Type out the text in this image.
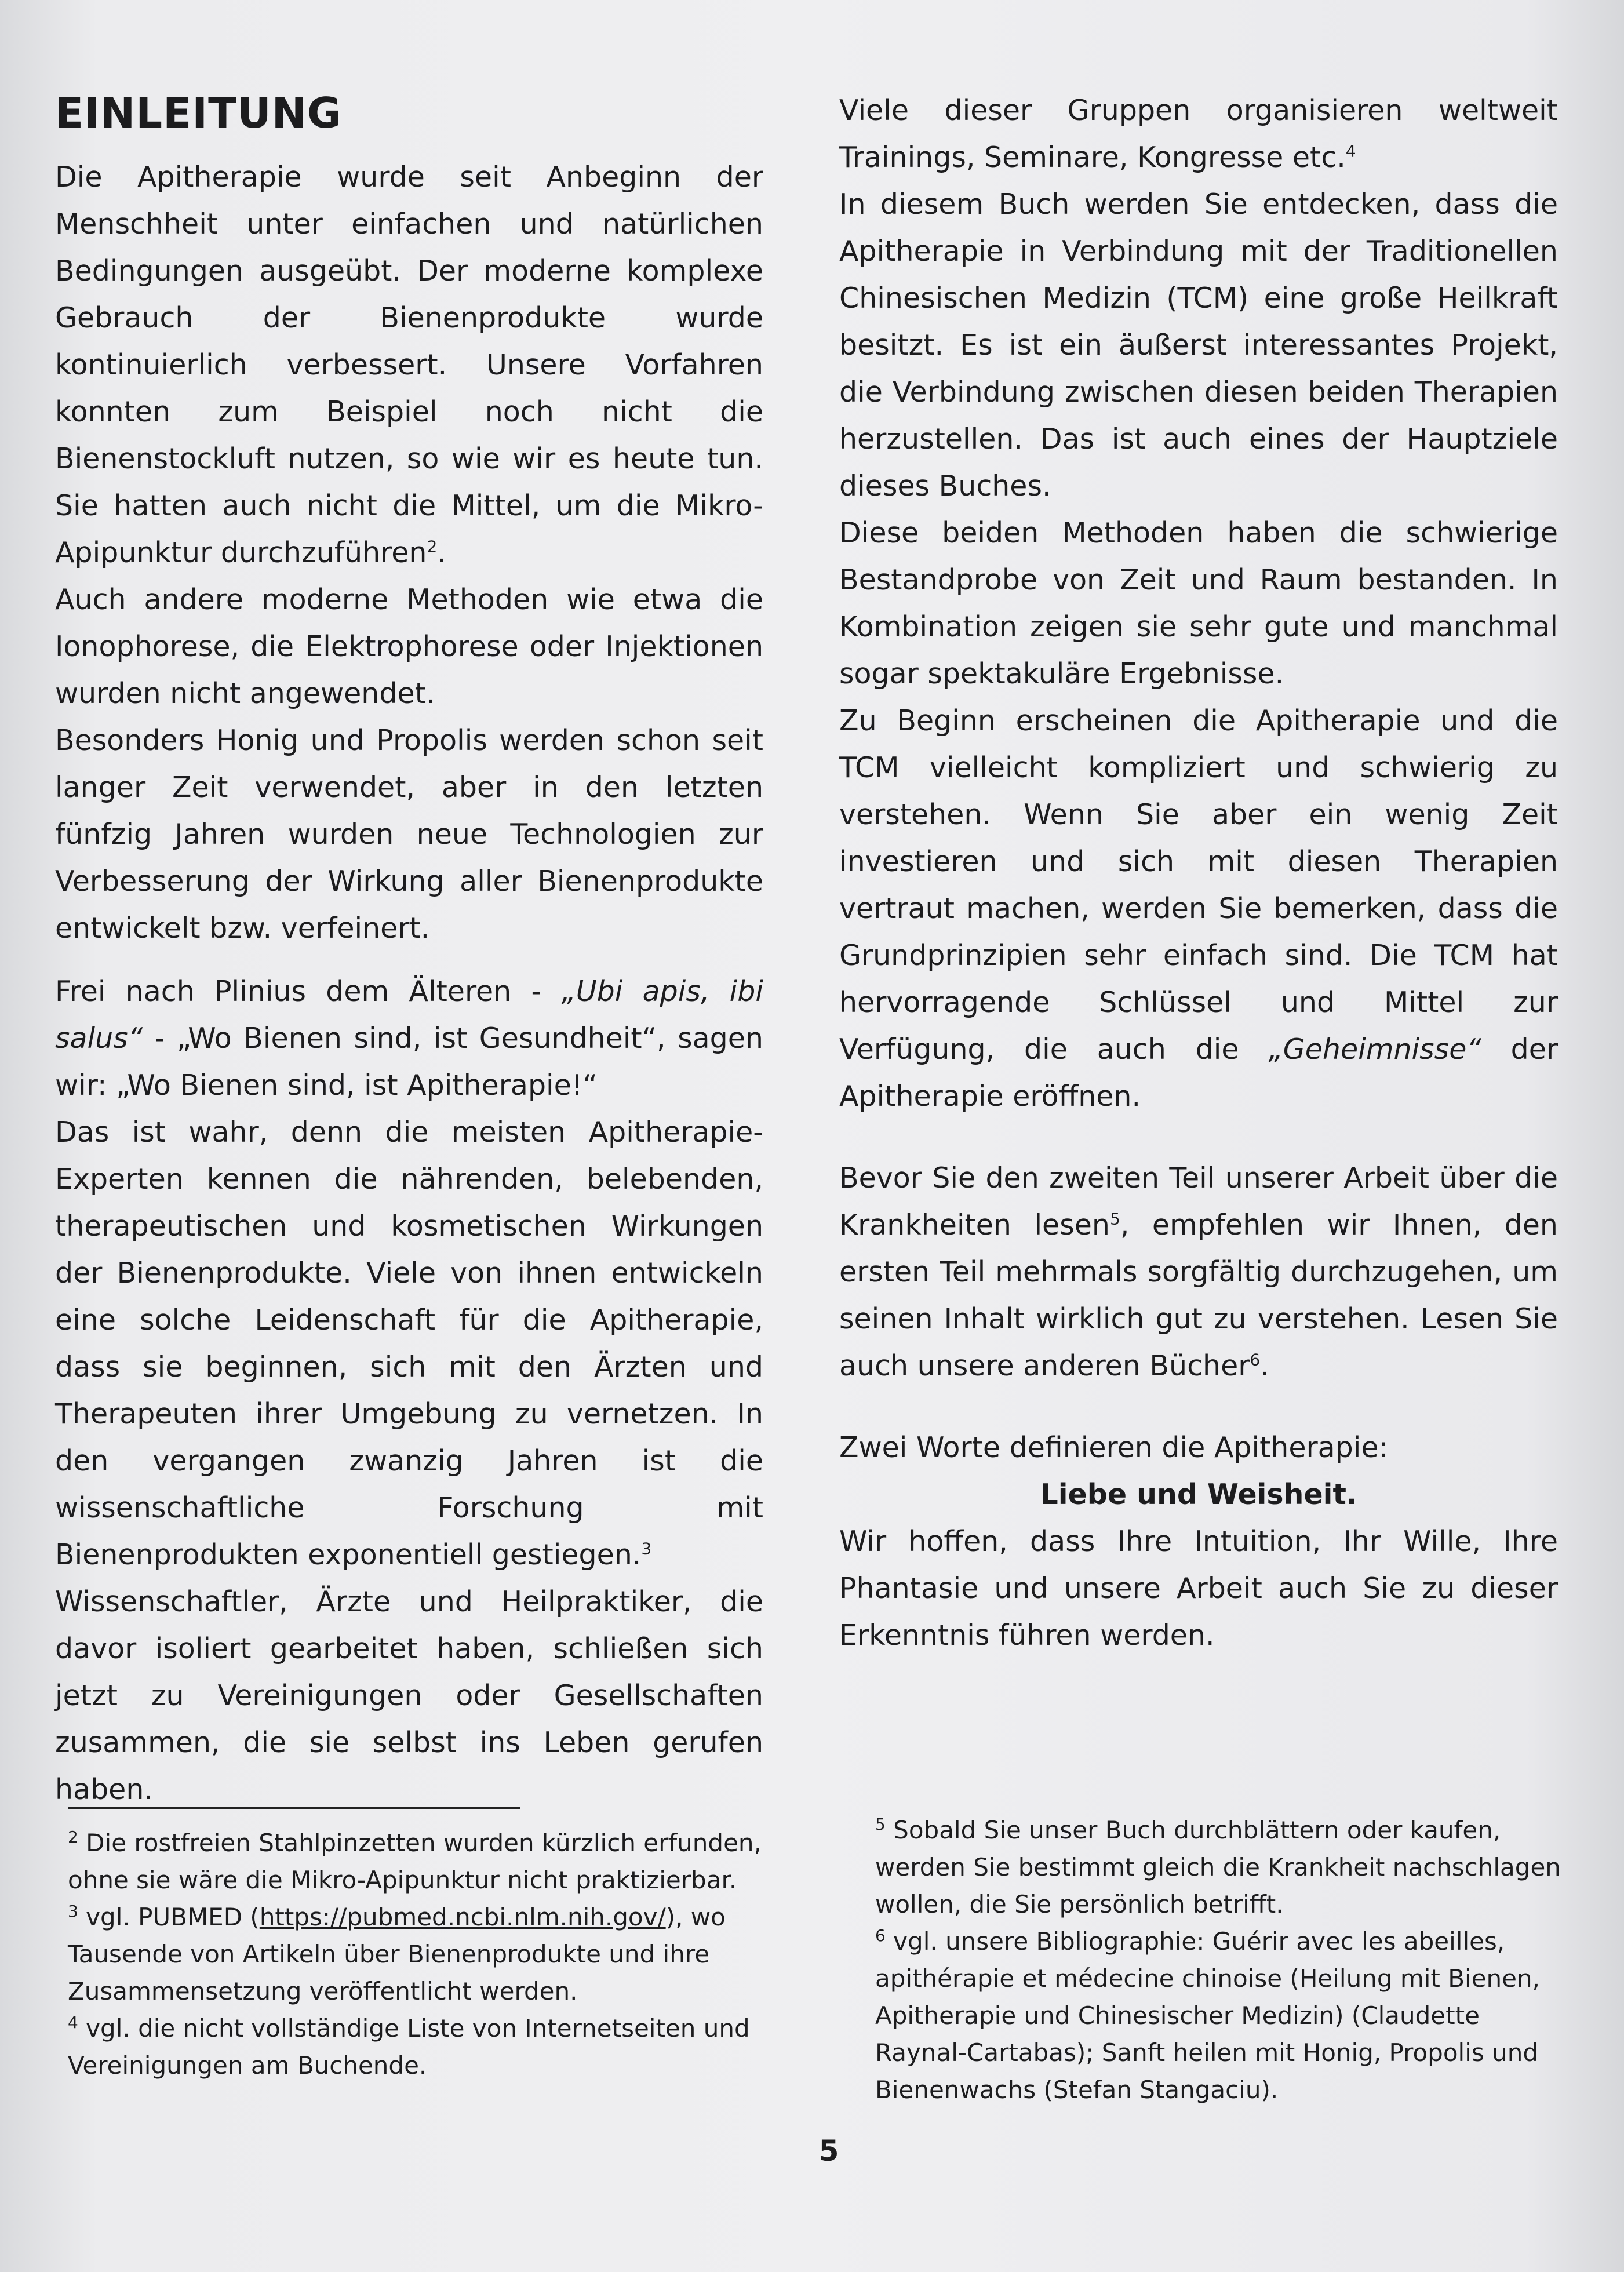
EINLEITUNG

Die Apitherapie wurde seit Anbeginn der Menschheit unter einfachen und natürlichen Bedingungen ausgeübt. Der moderne komplexe Gebrauch der Bienenprodukte wurde kontinuierlich verbessert. Unsere Vorfahren konnten zum Beispiel noch nicht die Bienenstockluft nutzen, so wie wir es heute tun. Sie hatten auch nicht die Mittel, um die Mikro-Apipunktur durchzuführen$^2$.

Auch andere moderne Methoden wie etwa die Ionophorese, die Elektrophorese oder Injektionen wurden nicht angewendet.

Besonders Honig und Propolis werden schon seit langer Zeit verwendet, aber in den letzten fünfzig Jahren wurden neue Technologien zur Verbesserung der Wirkung aller Bienenprodukte entwickelt bzw. verfeinert.

Frei nach Plinius dem Älteren - „Ubi apis, ibi salus“ - „Wo Bienen sind, ist Gesundheit“, sagen wir: „Wo Bienen sind, ist Apitherapie!“

Das ist wahr, denn die meisten Apitherapie-Experten kennen die nährenden, belebenden, therapeutischen und kosmetischen Wirkungen der Bienenprodukte. Viele von ihnen entwickeln eine solche Leidenschaft für die Apitherapie, dass sie beginnen, sich mit den Ärzten und Therapeuten ihrer Umgebung zu vernetzen. In den vergangen zwanzig Jahren ist die wissenschaftliche Forschung mit Bienenprodukten exponentiell gestiegen.$^3$

Wissenschaftler, Ärzte und Heilpraktiker, die davor isoliert gearbeitet haben, schließen sich jetzt zu Vereinigungen oder Gesellschaften zusammen, die sie selbst ins Leben gerufen haben.

Viele dieser Gruppen organisieren weltweit Trainings, Seminare, Kongresse etc.$^4$

In diesem Buch werden Sie entdecken, dass die Apitherapie in Verbindung mit der Traditionellen Chinesischen Medizin (TCM) eine große Heilkraft besitzt. Es ist ein äußerst interessantes Projekt, die Verbindung zwischen diesen beiden Therapien herzustellen. Das ist auch eines der Hauptziele dieses Buches.

Diese beiden Methoden haben die schwierige Bestandprobe von Zeit und Raum bestanden. In Kombination zeigen sie sehr gute und manchmal sogar spektakuläre Ergebnisse.

Zu Beginn erscheinen die Apitherapie und die TCM vielleicht kompliziert und schwierig zu verstehen. Wenn Sie aber ein wenig Zeit investieren und sich mit diesen Therapien vertraut machen, werden Sie bemerken, dass die Grundprinzipien sehr einfach sind. Die TCM hat hervorragende Schlüssel und Mittel zur Verfügung, die auch die „Geheimnisse“ der Apitherapie eröffnen.

Bevor Sie den zweiten Teil unserer Arbeit über die Krankheiten lesen$^5$, empfehlen wir Ihnen, den ersten Teil mehrmals sorgfältig durchzugehen, um seinen Inhalt wirklich gut zu verstehen. Lesen Sie auch unsere anderen Bücher$^6$.

Zwei Worte definieren die Apitherapie:

Liebe und Weisheit.

Wir hoffen, dass Ihre Intuition, Ihr Wille, Ihre Phantasie und unsere Arbeit auch Sie zu dieser Erkenntnis führen werden.

$^2$ Die rostfreien Stahlpinzetten wurden kürzlich erfunden, ohne sie wäre die Mikro-Apipunktur nicht praktizierbar.

$^3$ vgl. PUBMED (https://pubmed.ncbi.nlm.nih.gov/), wo Tausende von Artikeln über Bienenprodukte und ihre Zusammensetzung veröffentlicht werden.

$^4$ vgl. die nicht vollständige Liste von Internetseiten und Vereinigungen am Buchende.

$^5$ Sobald Sie unser Buch durchblättern oder kaufen, werden Sie bestimmt gleich die Krankheit nachschlagen wollen, die Sie persönlich betrifft.

$^6$ vgl. unsere Bibliographie: Guérir avec les abeilles, apithérapie et médecine chinoise (Heilung mit Bienen, Apitherapie und Chinesischer Medizin) (Claudette Raynal-Cartabas); Sanft heilen mit Honig, Propolis und Bienenwachs (Stefan Stangaciu).

5
